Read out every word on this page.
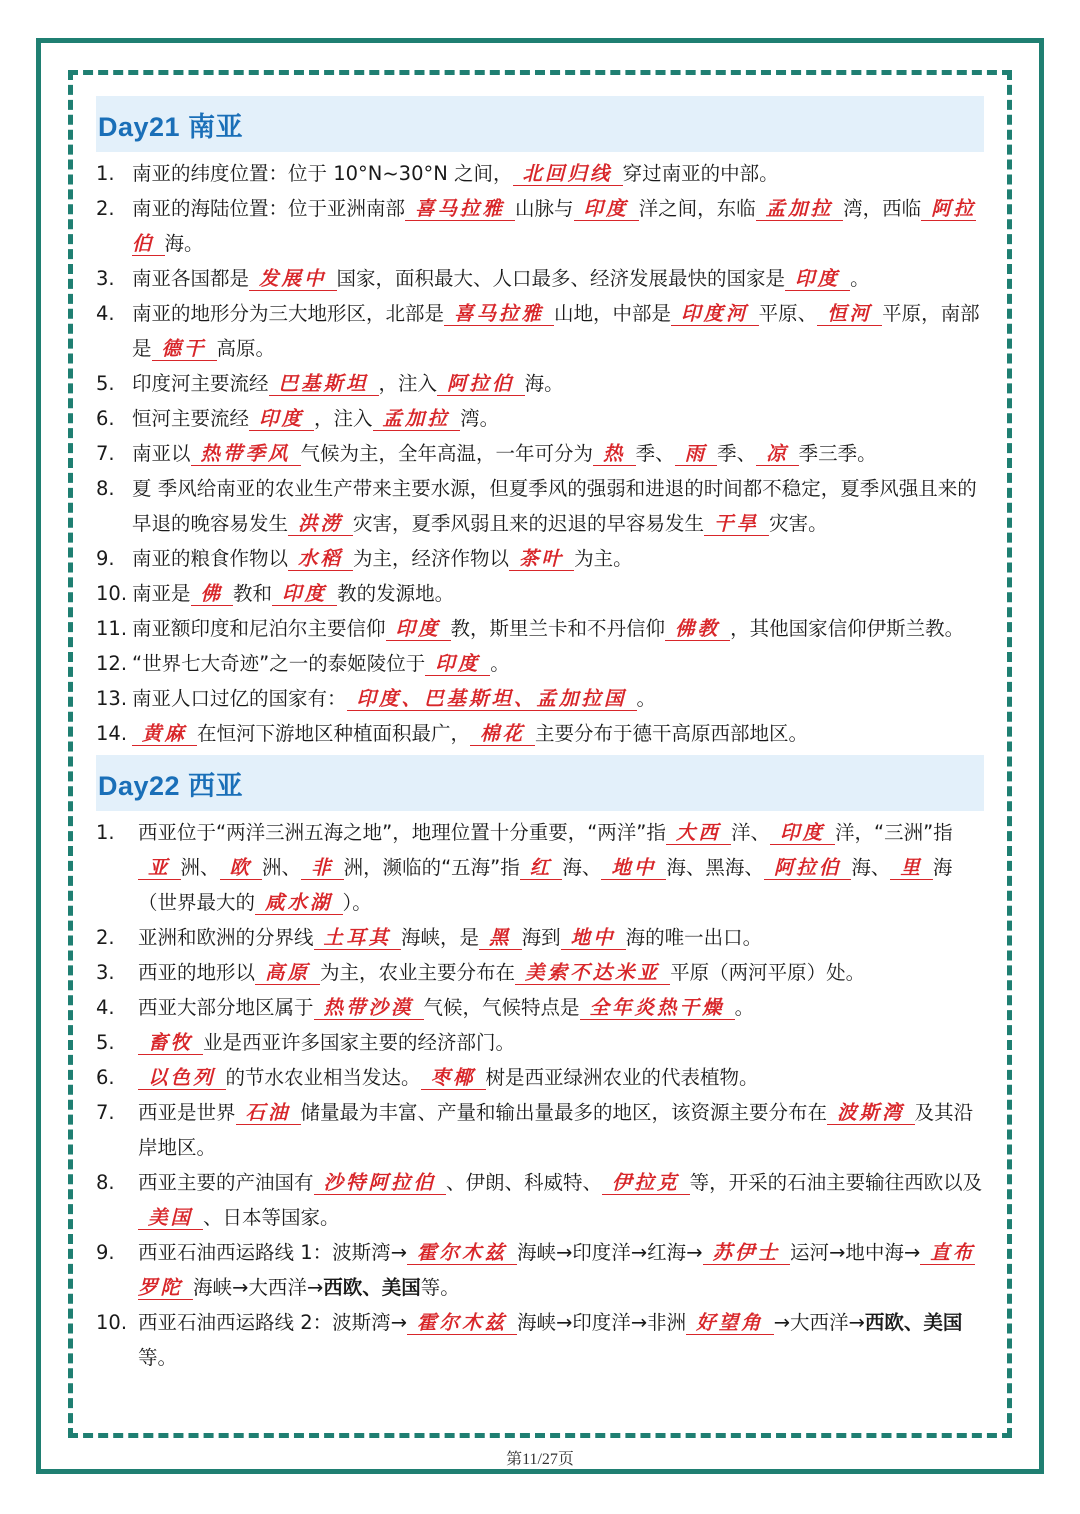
Day21 南亚
1. 南亚的纬度位置：位于 10°N~30°N 之间， 北回归线 穿过南亚的中部。
2. 南亚的海陆位置：位于亚洲南部 喜马拉雅 山脉与 印度 洋之间，东临 孟加拉 湾，西临 阿拉伯 海。
3. 南亚各国都是 发展中 国家，面积最大、人口最多、经济发展最快的国家是 印度 。
4. 南亚的地形分为三大地形区，北部是 喜马拉雅 山地，中部是 印度河 平原、 恒河 平原，南部是 德干 高原。
5. 印度河主要流经 巴基斯坦 ，注入 阿拉伯 海。
6. 恒河主要流经 印度 ，注入 孟加拉 湾。
7. 南亚以 热带季风 气候为主，全年高温，一年可分为 热 季、 雨 季、 凉 季三季。
8. 夏 季风给南亚的农业生产带来主要水源，但夏季风的强弱和进退的时间都不稳定，夏季风强且来的早退的晚容易发生 洪涝 灾害，夏季风弱且来的迟退的早容易发生 干旱 灾害。
9. 南亚的粮食作物以 水稻 为主，经济作物以 茶叶 为主。
10. 南亚是 佛 教和 印度 教的发源地。
11. 南亚额印度和尼泊尔主要信仰 印度 教，斯里兰卡和不丹信仰 佛教 ，其他国家信仰伊斯兰教。
12. “世界七大奇迹”之一的泰姬陵位于 印度 。
13. 南亚人口过亿的国家有： 印度、巴基斯坦、孟加拉国 。
14. 黄麻 在恒河下游地区种植面积最广， 棉花 主要分布于德干高原西部地区。
Day22 西亚
1. 西亚位于“两洋三洲五海之地”，地理位置十分重要，“两洋”指 大西 洋、 印度 洋，“三洲”指亚 洲、 欧 洲、 非 洲，濒临的“五海”指 红 海、 地中 海、黑海、 阿拉伯 海、 里 海（世界最大的 咸水湖 ）。
2. 亚洲和欧洲的分界线 土耳其 海峡，是 黑 海到 地中 海的唯一出口。
3. 西亚的地形以 高原 为主，农业主要分布在 美索不达米亚 平原（两河平原）处。
4. 西亚大部分地区属于 热带沙漠 气候，气候特点是 全年炎热干燥 。
5. 畜牧 业是西亚许多国家主要的经济部门。
6. 以色列 的节水农业相当发达。 枣椰 树是西亚绿洲农业的代表植物。
7. 西亚是世界 石油 储量最为丰富、产量和输出量最多的地区，该资源主要分布在 波斯湾 及其沿岸地区。
8. 西亚主要的产油国有 沙特阿拉伯 、伊朗、科威特、 伊拉克 等，开采的石油主要输往西欧以及美国 、日本等国家。
9. 西亚石油西运路线 1：波斯湾→ 霍尔木兹 海峡→印度洋→红海→ 苏伊士 运河→地中海→ 直布罗陀 海峡→大西洋→西欧、美国等。
10. 西亚石油西运路线 2：波斯湾→ 霍尔木兹 海峡→印度洋→非洲 好望角 →大西洋→西欧、美国等。
第11/27页
